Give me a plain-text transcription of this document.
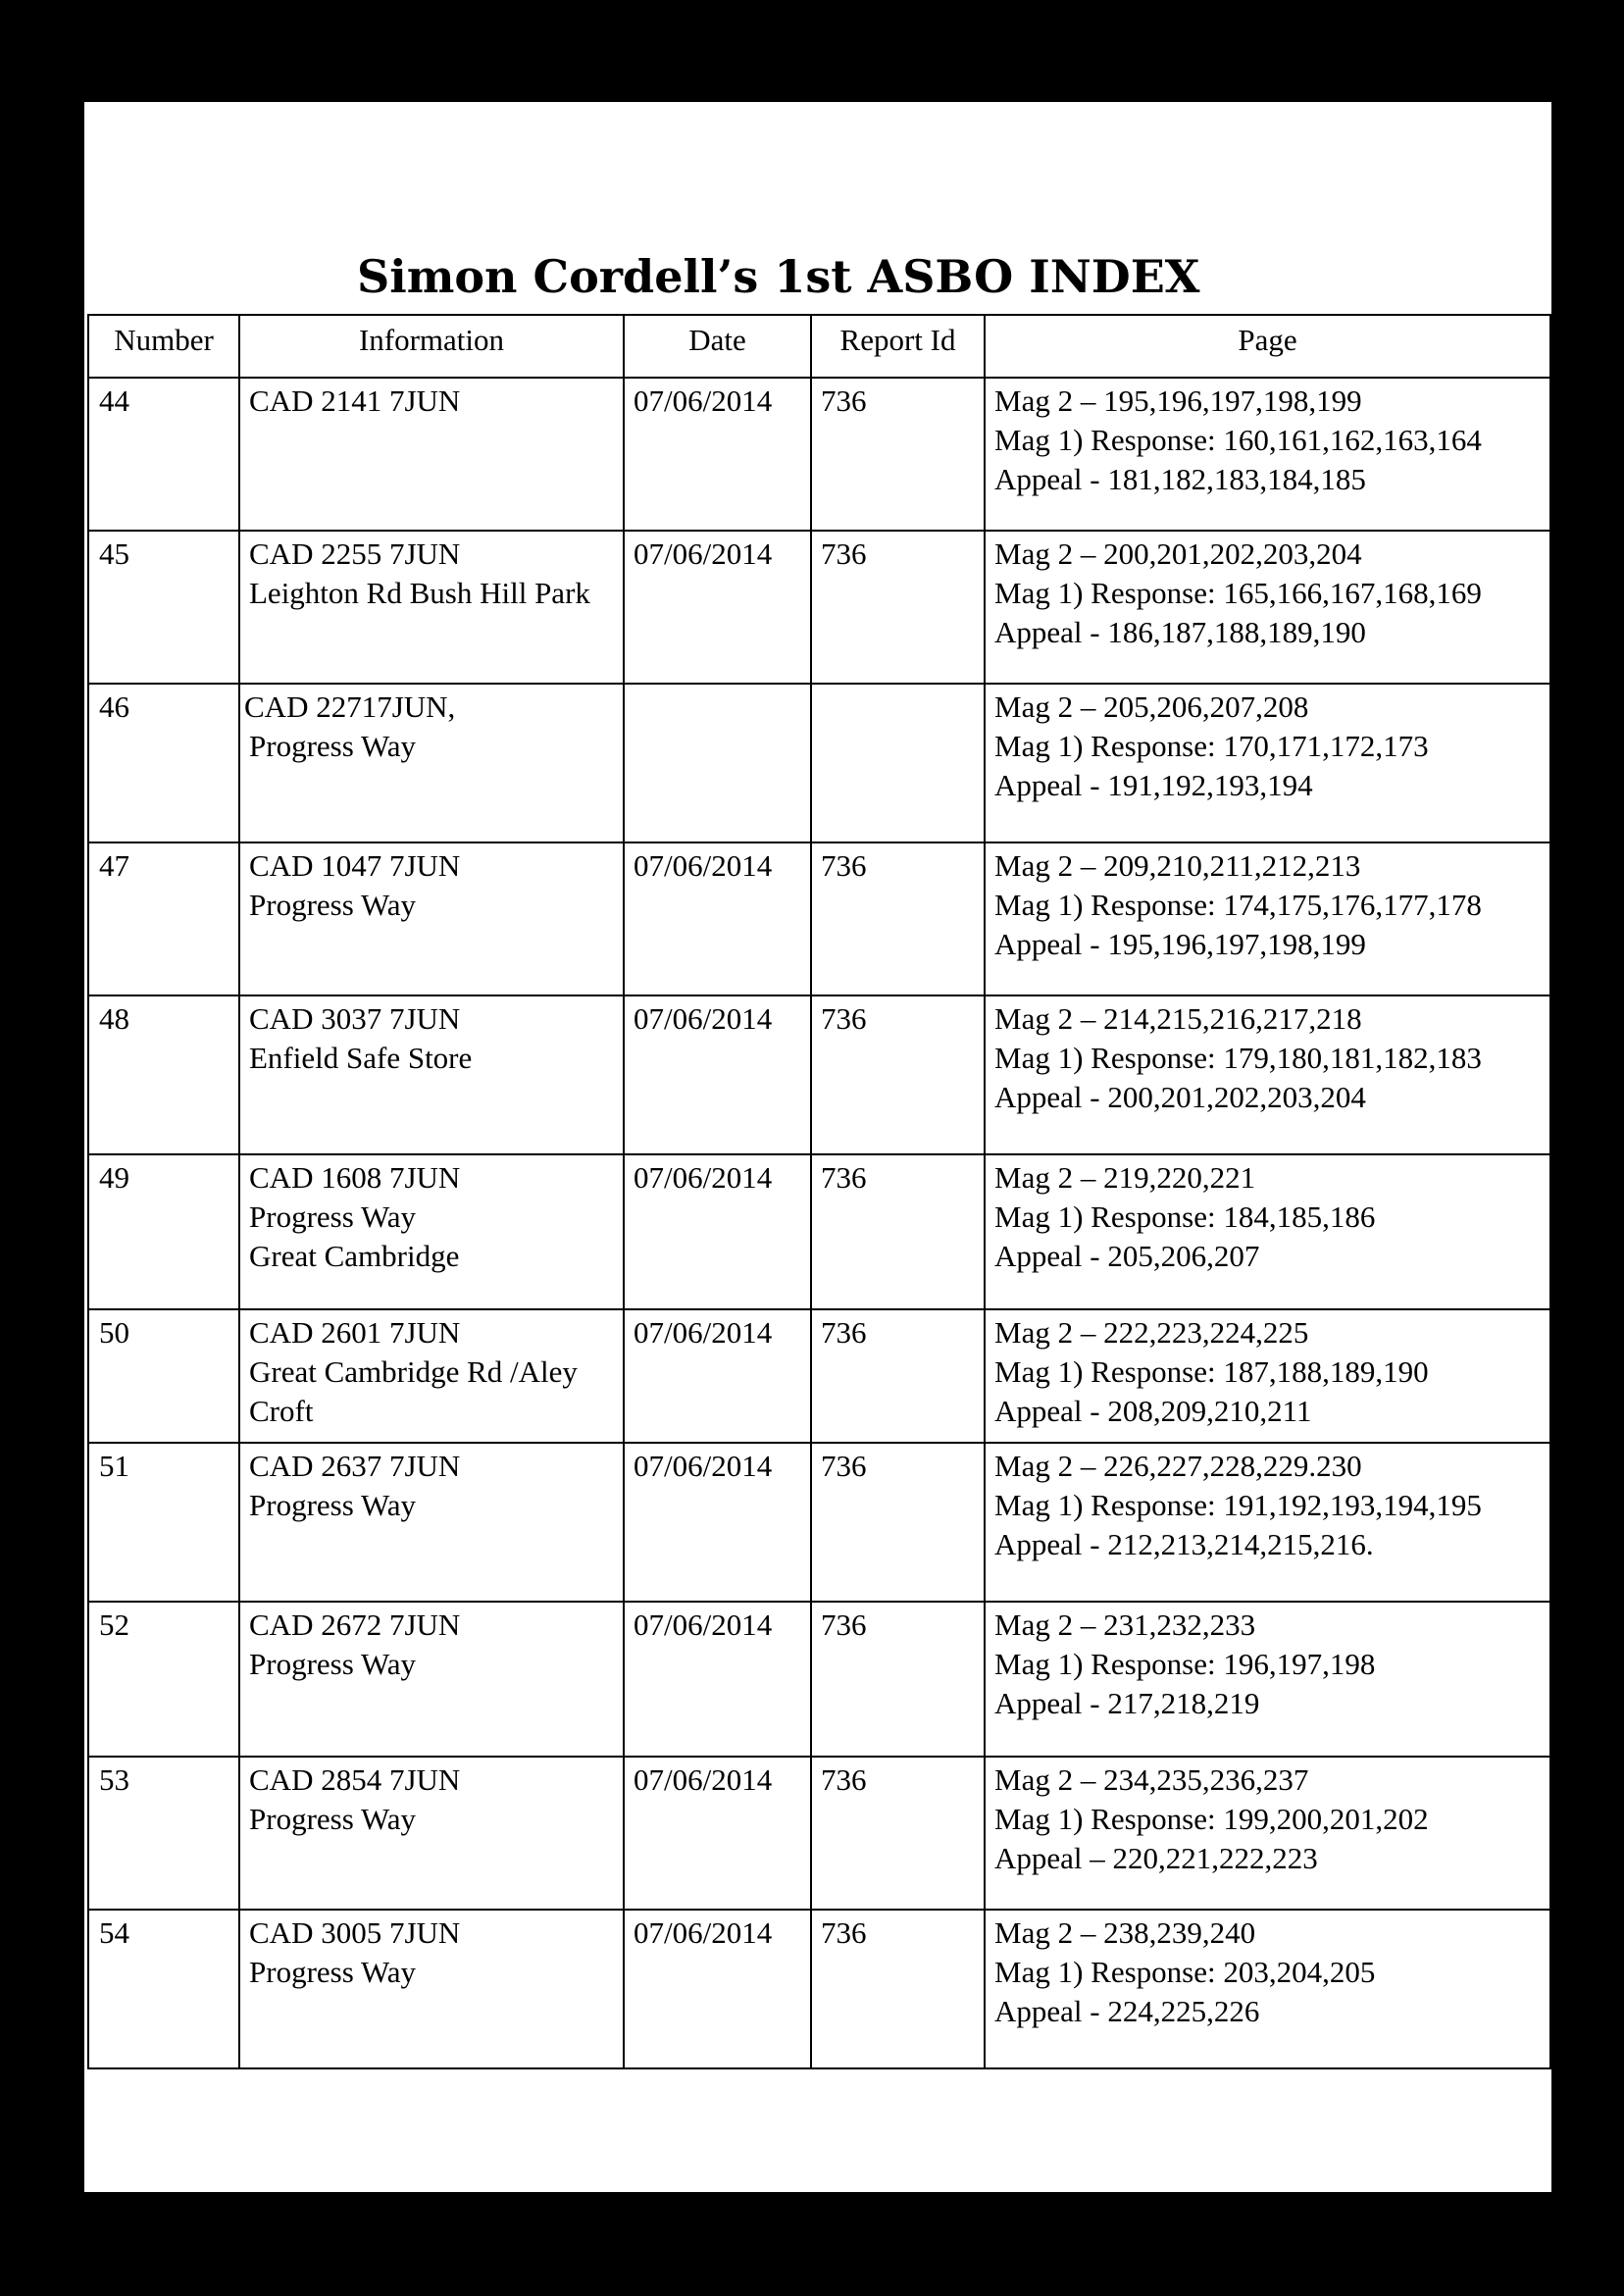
Simon Cordell’s 1st ASBO INDEX
Number	Information	Date	Report Id	Page
44	CAD 2141 7JUN	07/06/2014	736	Mag 2 – 195,196,197,198,199
Mag 1) Response: 160,161,162,163,164
Appeal - 181,182,183,184,185

45	CAD 2255 7JUN
Leighton Rd Bush Hill Park	07/06/2014	736	Mag 2 – 200,201,202,203,204
Mag 1) Response: 165,166,167,168,169
Appeal - 186,187,188,189,190

46	CAD 22717JUN,
Progress Way			Mag 2 – 205,206,207,208
Mag 1) Response: 170,171,172,173
Appeal - 191,192,193,194

47	CAD 1047 7JUN
Progress Way	07/06/2014	736	Mag 2 – 209,210,211,212,213
Mag 1) Response: 174,175,176,177,178
Appeal - 195,196,197,198,199

48	CAD 3037 7JUN
Enfield Safe Store	07/06/2014	736	Mag 2 – 214,215,216,217,218
Mag 1) Response: 179,180,181,182,183
Appeal - 200,201,202,203,204

49	CAD 1608 7JUN
Progress Way
Great Cambridge	07/06/2014	736	Mag 2 – 219,220,221
Mag 1) Response: 184,185,186
Appeal - 205,206,207

50	CAD 2601 7JUN
Great Cambridge Rd /Aley
Croft	07/06/2014	736	Mag 2 – 222,223,224,225
Mag 1) Response: 187,188,189,190
Appeal - 208,209,210,211

51	CAD 2637 7JUN
Progress Way	07/06/2014	736	Mag 2 – 226,227,228,229.230
Mag 1) Response: 191,192,193,194,195
Appeal - 212,213,214,215,216.

52	CAD 2672 7JUN
Progress Way	07/06/2014	736	Mag 2 – 231,232,233
Mag 1) Response: 196,197,198
Appeal - 217,218,219

53	CAD 2854 7JUN
Progress Way	07/06/2014	736	Mag 2 – 234,235,236,237
Mag 1) Response: 199,200,201,202
Appeal – 220,221,222,223

54	CAD 3005 7JUN
Progress Way	07/06/2014	736	Mag 2 – 238,239,240
Mag 1) Response: 203,204,205
Appeal - 224,225,226
